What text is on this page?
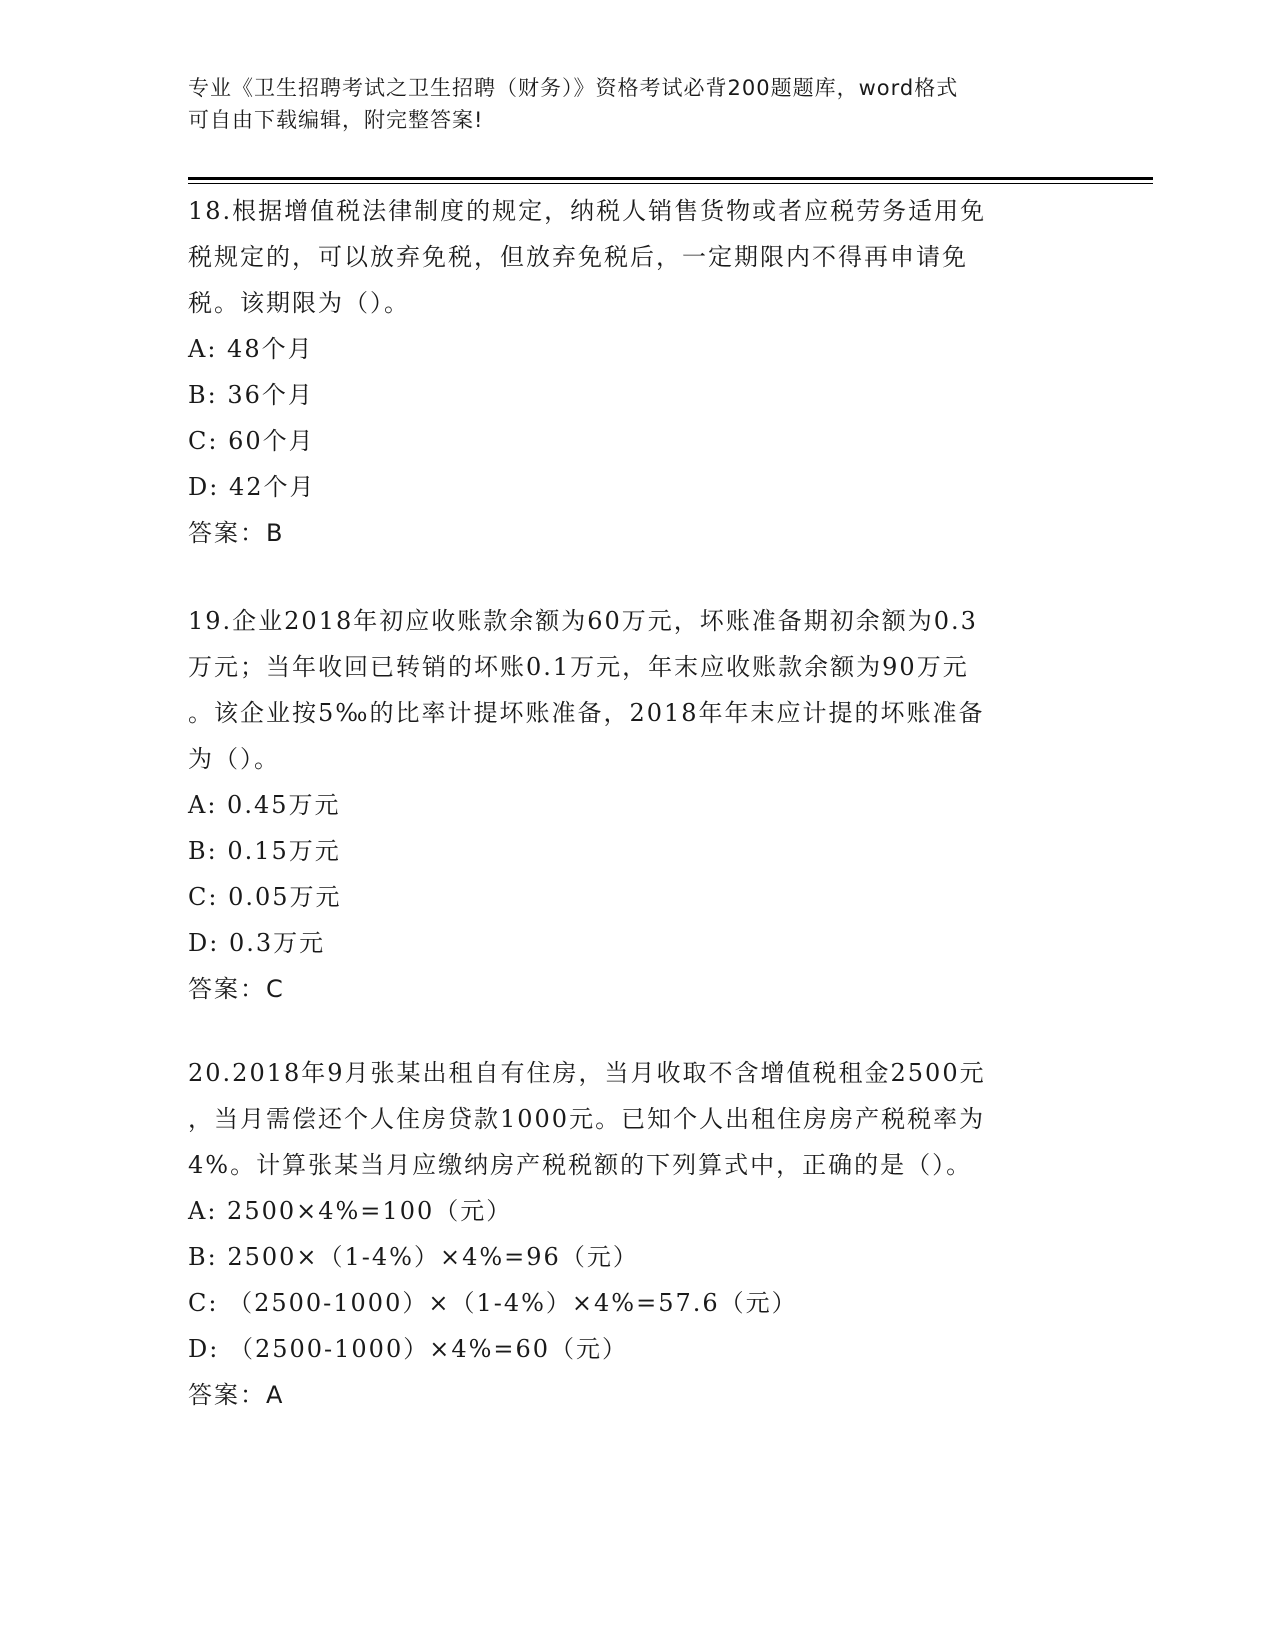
专业《卫生招聘考试之卫生招聘（财务）》资格考试必背200题题库，word格式
可自由下载编辑，附完整答案!
18.根据增值税法律制度的规定，纳税人销售货物或者应税劳务适用免
税规定的，可以放弃免税，但放弃免税后，一定期限内不得再申请免
税。该期限为（）。
A: 48个月
B: 36个月
C: 60个月
D: 42个月
答案：B
19.企业2018年初应收账款余额为60万元，坏账准备期初余额为0.3
万元；当年收回已转销的坏账0.1万元，年末应收账款余额为90万元
。该企业按5‰的比率计提坏账准备，2018年年末应计提的坏账准备
为（）。
A: 0.45万元
B: 0.15万元
C: 0.05万元
D: 0.3万元
答案：C
20.2018年9月张某出租自有住房，当月收取不含增值税租金2500元
，当月需偿还个人住房贷款1000元。已知个人出租住房房产税税率为
4%。计算张某当月应缴纳房产税税额的下列算式中，正确的是（）。
A: 2500×4%=100（元）
B: 2500×（1-4%）×4%=96（元）
C: （2500-1000）×（1-4%）×4%=57.6（元）
D: （2500-1000）×4%=60（元）
答案：A
